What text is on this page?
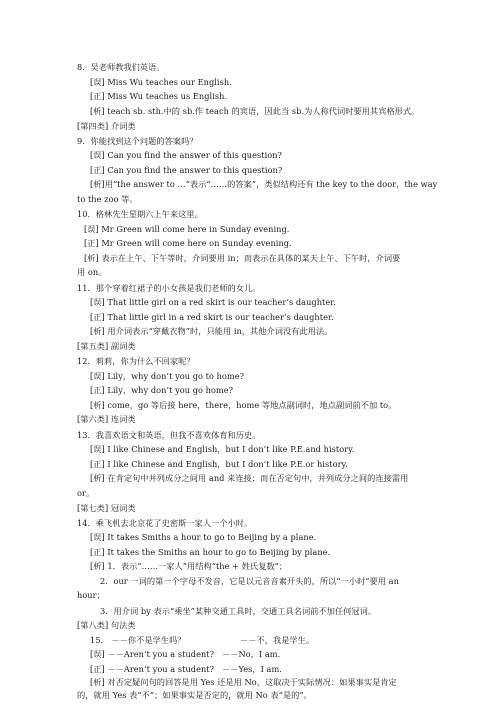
8．吴老师教我们英语。
[误] Miss Wu teaches our English.
[正] Miss Wu teaches us English.
[析] teach sb. sth.中的 sb.作 teach 的宾语，因此当 sb.为人称代词时要用其宾格形式。
[第四类] 介词类
9．你能找到这个问题的答案吗？
[误] Can you find the answer of this question?
[正] Can you find the answer to this question?
[析]用“the answer to …”表示“……的答案”，类似结构还有 the key to the door，the way
to the zoo 等。
10．格林先生星期六上午来这里。
[误] Mr Green will come here in Sunday evening.
[正] Mr Green will come here on Sunday evening.
[析] 表示在上午、下午等时，介词要用 in；而表示在具体的某天上午、下午时，介词要
用 on。
11．那个穿着红裙子的小女孩是我们老师的女儿。
[误] That little girl on a red skirt is our teacher’s daughter.
[正] That little girl in a red skirt is our teacher’s daughter.
[析] 用介词表示“穿戴衣物”时，只能用 in，其他介词没有此用法。
[第五类] 副词类
12．莉莉，你为什么不回家呢？
[误] Lily，why don’t you go to home?
[正] Lily，why don’t you go home?
[析] come，go 等后接 here，there，home 等地点副词时，地点副词前不加 to。
[第六类] 连词类
13．我喜欢语文和英语，但我不喜欢体育和历史。
[误] I like Chinese and English，but I don’t like P.E.and history.
[正] I like Chinese and English，but I don’t like P.E.or history.
[析] 在肯定句中并列成分之间用 and 来连接；而在否定句中，并列成分之间的连接需用
or。
[第七类] 冠词类
14．乘飞机去北京花了史密斯一家人一个小时。
[误] It takes Smiths a hour to go to Beijing by a plane.
[正] It takes the Smiths an hour to go to Beijing by plane.
[析] 1．表示“……一家人”用结构“the + 姓氏复数”；
2．our 一词的第一个字母不发音，它是以元音音素开头的，所以“一小时”要用 an
hour；
3．用介词 by 表示“乘坐”某种交通工具时，交通工具名词前不加任何冠词。
[第八类] 句法类
15． －－你不是学生吗？	－－不，我是学生。
[误] －－Aren’t you a student? －－No，I am.
[正] －－Aren’t you a student? －－Yes，I am.
[析] 对否定疑问句的回答是用 Yes 还是用 No，这取决于实际情况：如果事实是肯定
的，就用 Yes 表“不”；如果事实是否定的，就用 No 表“是的”。
